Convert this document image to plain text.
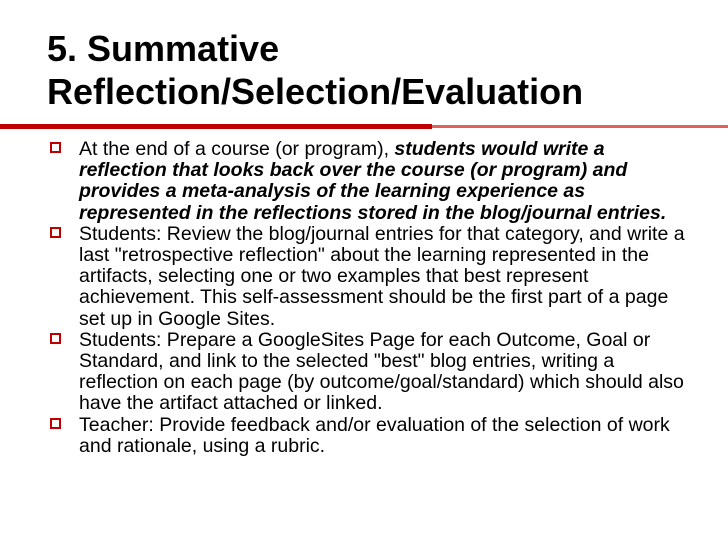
5. Summative
Reflection/Selection/Evaluation
At the end of a course (or program), students would write a reflection that looks back over the course (or program) and provides a meta-analysis of the learning experience as represented in the reflections stored in the blog/journal entries.
Students: Review the blog/journal entries for that category, and write a last "retrospective reflection" about the learning represented in the artifacts, selecting one or two examples that best represent achievement. This self-assessment should be the first part of a page set up in Google Sites.
Students: Prepare a GoogleSites Page for each Outcome, Goal or Standard, and link to the selected "best" blog entries, writing a reflection on each page (by outcome/goal/standard) which should also have the artifact attached or linked.
Teacher: Provide feedback and/or evaluation of the selection of work and rationale, using a rubric.
